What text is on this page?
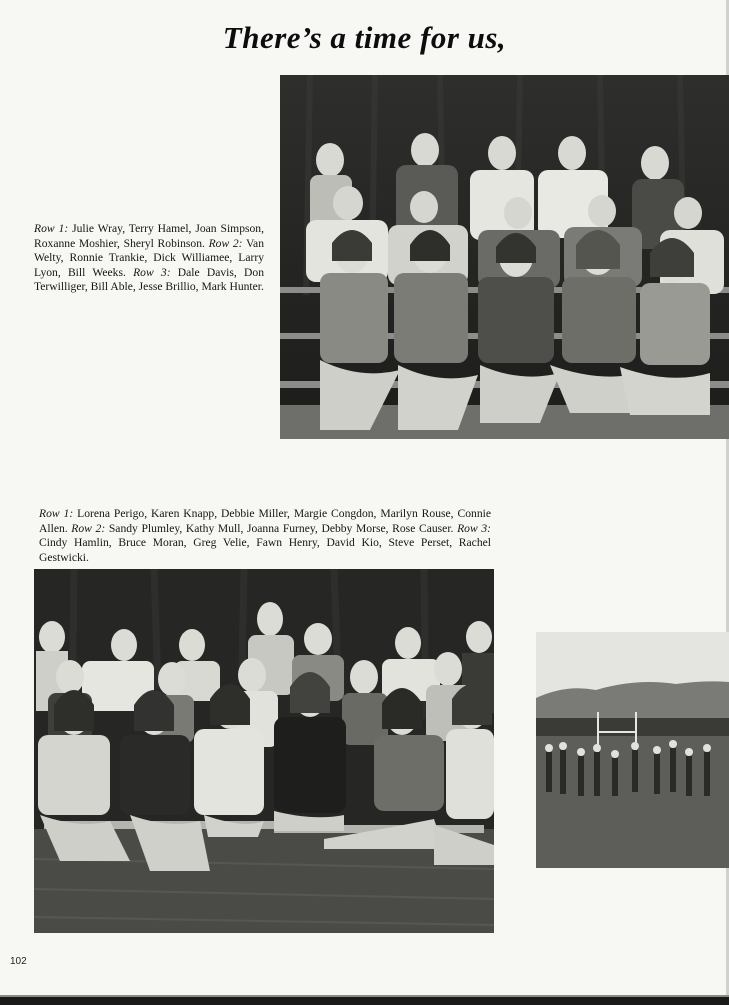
There’s a time for us,
Row 1: Julie Wray, Terry Hamel, Joan Simpson, Roxanne Moshier, Sheryl Robinson. Row 2: Van Welty, Ronnie Trankie, Dick Williamee, Larry Lyon, Bill Weeks. Row 3: Dale Davis, Don Terwilliger, Bill Able, Jesse Brillio, Mark Hunter.
Row 1: Lorena Perigo, Karen Knapp, Debbie Miller, Margie Congdon, Marilyn Rouse, Connie Allen. Row 2: Sandy Plumley, Kathy Mull, Joanna Furney, Debby Morse, Rose Causer. Row 3: Cindy Hamlin, Bruce Moran, Greg Velie, Fawn Henry, David Kio, Steve Perset, Rachel Gestwicki.
102
